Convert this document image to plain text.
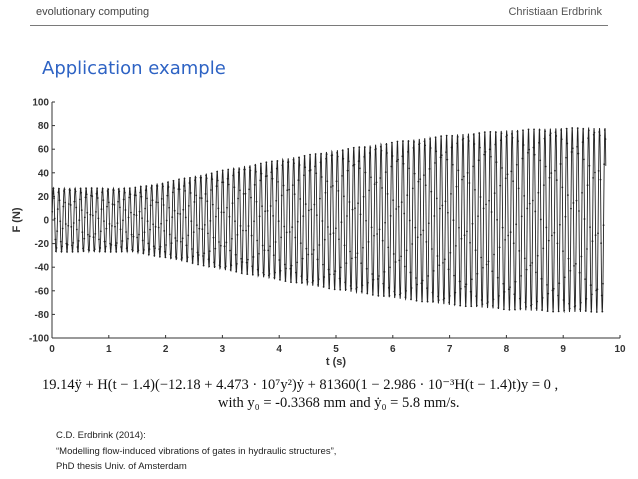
evolutionary computing	Christiaan Erdbrink
Application example
0	1	2	3	4	5	6	7	8	9	10
100
80
60
40
20
0
-20
-40
-60
-80
-100
t (s)
F (N)
19.14ÿ + H(t − 1.4)(−12.18 + 4.473 · 10⁷y²)ẏ + 81360(1 − 2.986 · 10⁻³H(t − 1.4)t)y = 0 ,
with y₀ = -0.3368 mm and ẏ₀ = 5.8 mm/s.
C.D. Erdbrink (2014):
“Modelling flow-induced vibrations of gates in hydraulic structures”,
PhD thesis Univ. of Amsterdam
